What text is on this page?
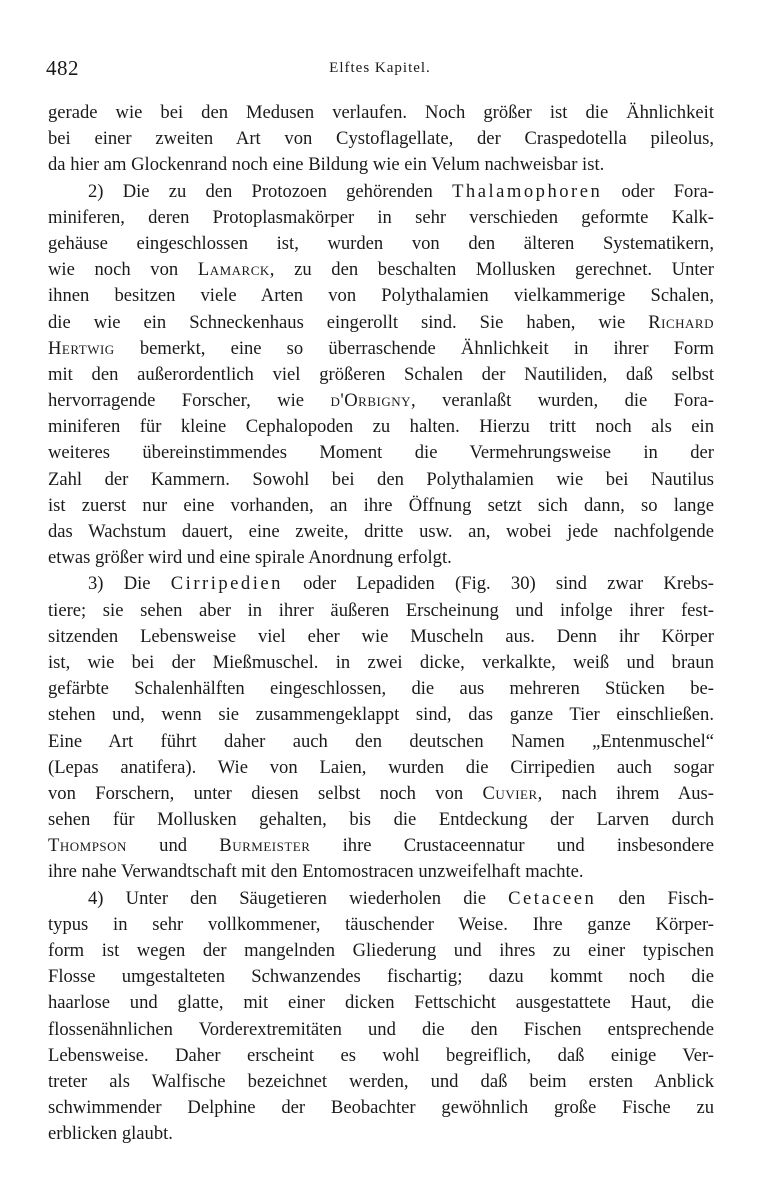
482	Elftes Kapitel.
gerade wie bei den Medusen verlaufen. Noch größer ist die Ähnlichkeit
bei einer zweiten Art von Cystoflagellate, der Craspedotella pileolus,
da hier am Glockenrand noch eine Bildung wie ein Velum nachweisbar ist.
2) Die zu den Protozoen gehörenden Thalamophoren oder Fora-
miniferen, deren Protoplasmakörper in sehr verschieden geformte Kalk-
gehäuse eingeschlossen ist, wurden von den älteren Systematikern,
wie noch von Lamarck, zu den beschalten Mollusken gerechnet. Unter
ihnen besitzen viele Arten von Polythalamien vielkammerige Schalen,
die wie ein Schneckenhaus eingerollt sind. Sie haben, wie Richard
Hertwig bemerkt, eine so überraschende Ähnlichkeit in ihrer Form
mit den außerordentlich viel größeren Schalen der Nautiliden, daß selbst
hervorragende Forscher, wie d'Orbigny, veranlaßt wurden, die Fora-
miniferen für kleine Cephalopoden zu halten. Hierzu tritt noch als ein
weiteres übereinstimmendes Moment die Vermehrungsweise in der
Zahl der Kammern. Sowohl bei den Polythalamien wie bei Nautilus
ist zuerst nur eine vorhanden, an ihre Öffnung setzt sich dann, so lange
das Wachstum dauert, eine zweite, dritte usw. an, wobei jede nachfolgende
etwas größer wird und eine spirale Anordnung erfolgt.
3) Die Cirripedien oder Lepadiden (Fig. 30) sind zwar Krebs-
tiere; sie sehen aber in ihrer äußeren Erscheinung und infolge ihrer fest-
sitzenden Lebensweise viel eher wie Muscheln aus. Denn ihr Körper
ist, wie bei der Mießmuschel. in zwei dicke, verkalkte, weiß und braun
gefärbte Schalenhälften eingeschlossen, die aus mehreren Stücken be-
stehen und, wenn sie zusammengeklappt sind, das ganze Tier einschließen.
Eine Art führt daher auch den deutschen Namen „Entenmuschel“
(Lepas anatifera). Wie von Laien, wurden die Cirripedien auch sogar
von Forschern, unter diesen selbst noch von Cuvier, nach ihrem Aus-
sehen für Mollusken gehalten, bis die Entdeckung der Larven durch
Thompson und Burmeister ihre Crustaceennatur und insbesondere
ihre nahe Verwandtschaft mit den Entomostracen unzweifelhaft machte.
4) Unter den Säugetieren wiederholen die Cetaceen den Fisch-
typus in sehr vollkommener, täuschender Weise. Ihre ganze Körper-
form ist wegen der mangelnden Gliederung und ihres zu einer typischen
Flosse umgestalteten Schwanzendes fischartig; dazu kommt noch die
haarlose und glatte, mit einer dicken Fettschicht ausgestattete Haut, die
flossenähnlichen Vorderextremitäten und die den Fischen entsprechende
Lebensweise. Daher erscheint es wohl begreiflich, daß einige Ver-
treter als Walfische bezeichnet werden, und daß beim ersten Anblick
schwimmender Delphine der Beobachter gewöhnlich große Fische zu
erblicken glaubt.
